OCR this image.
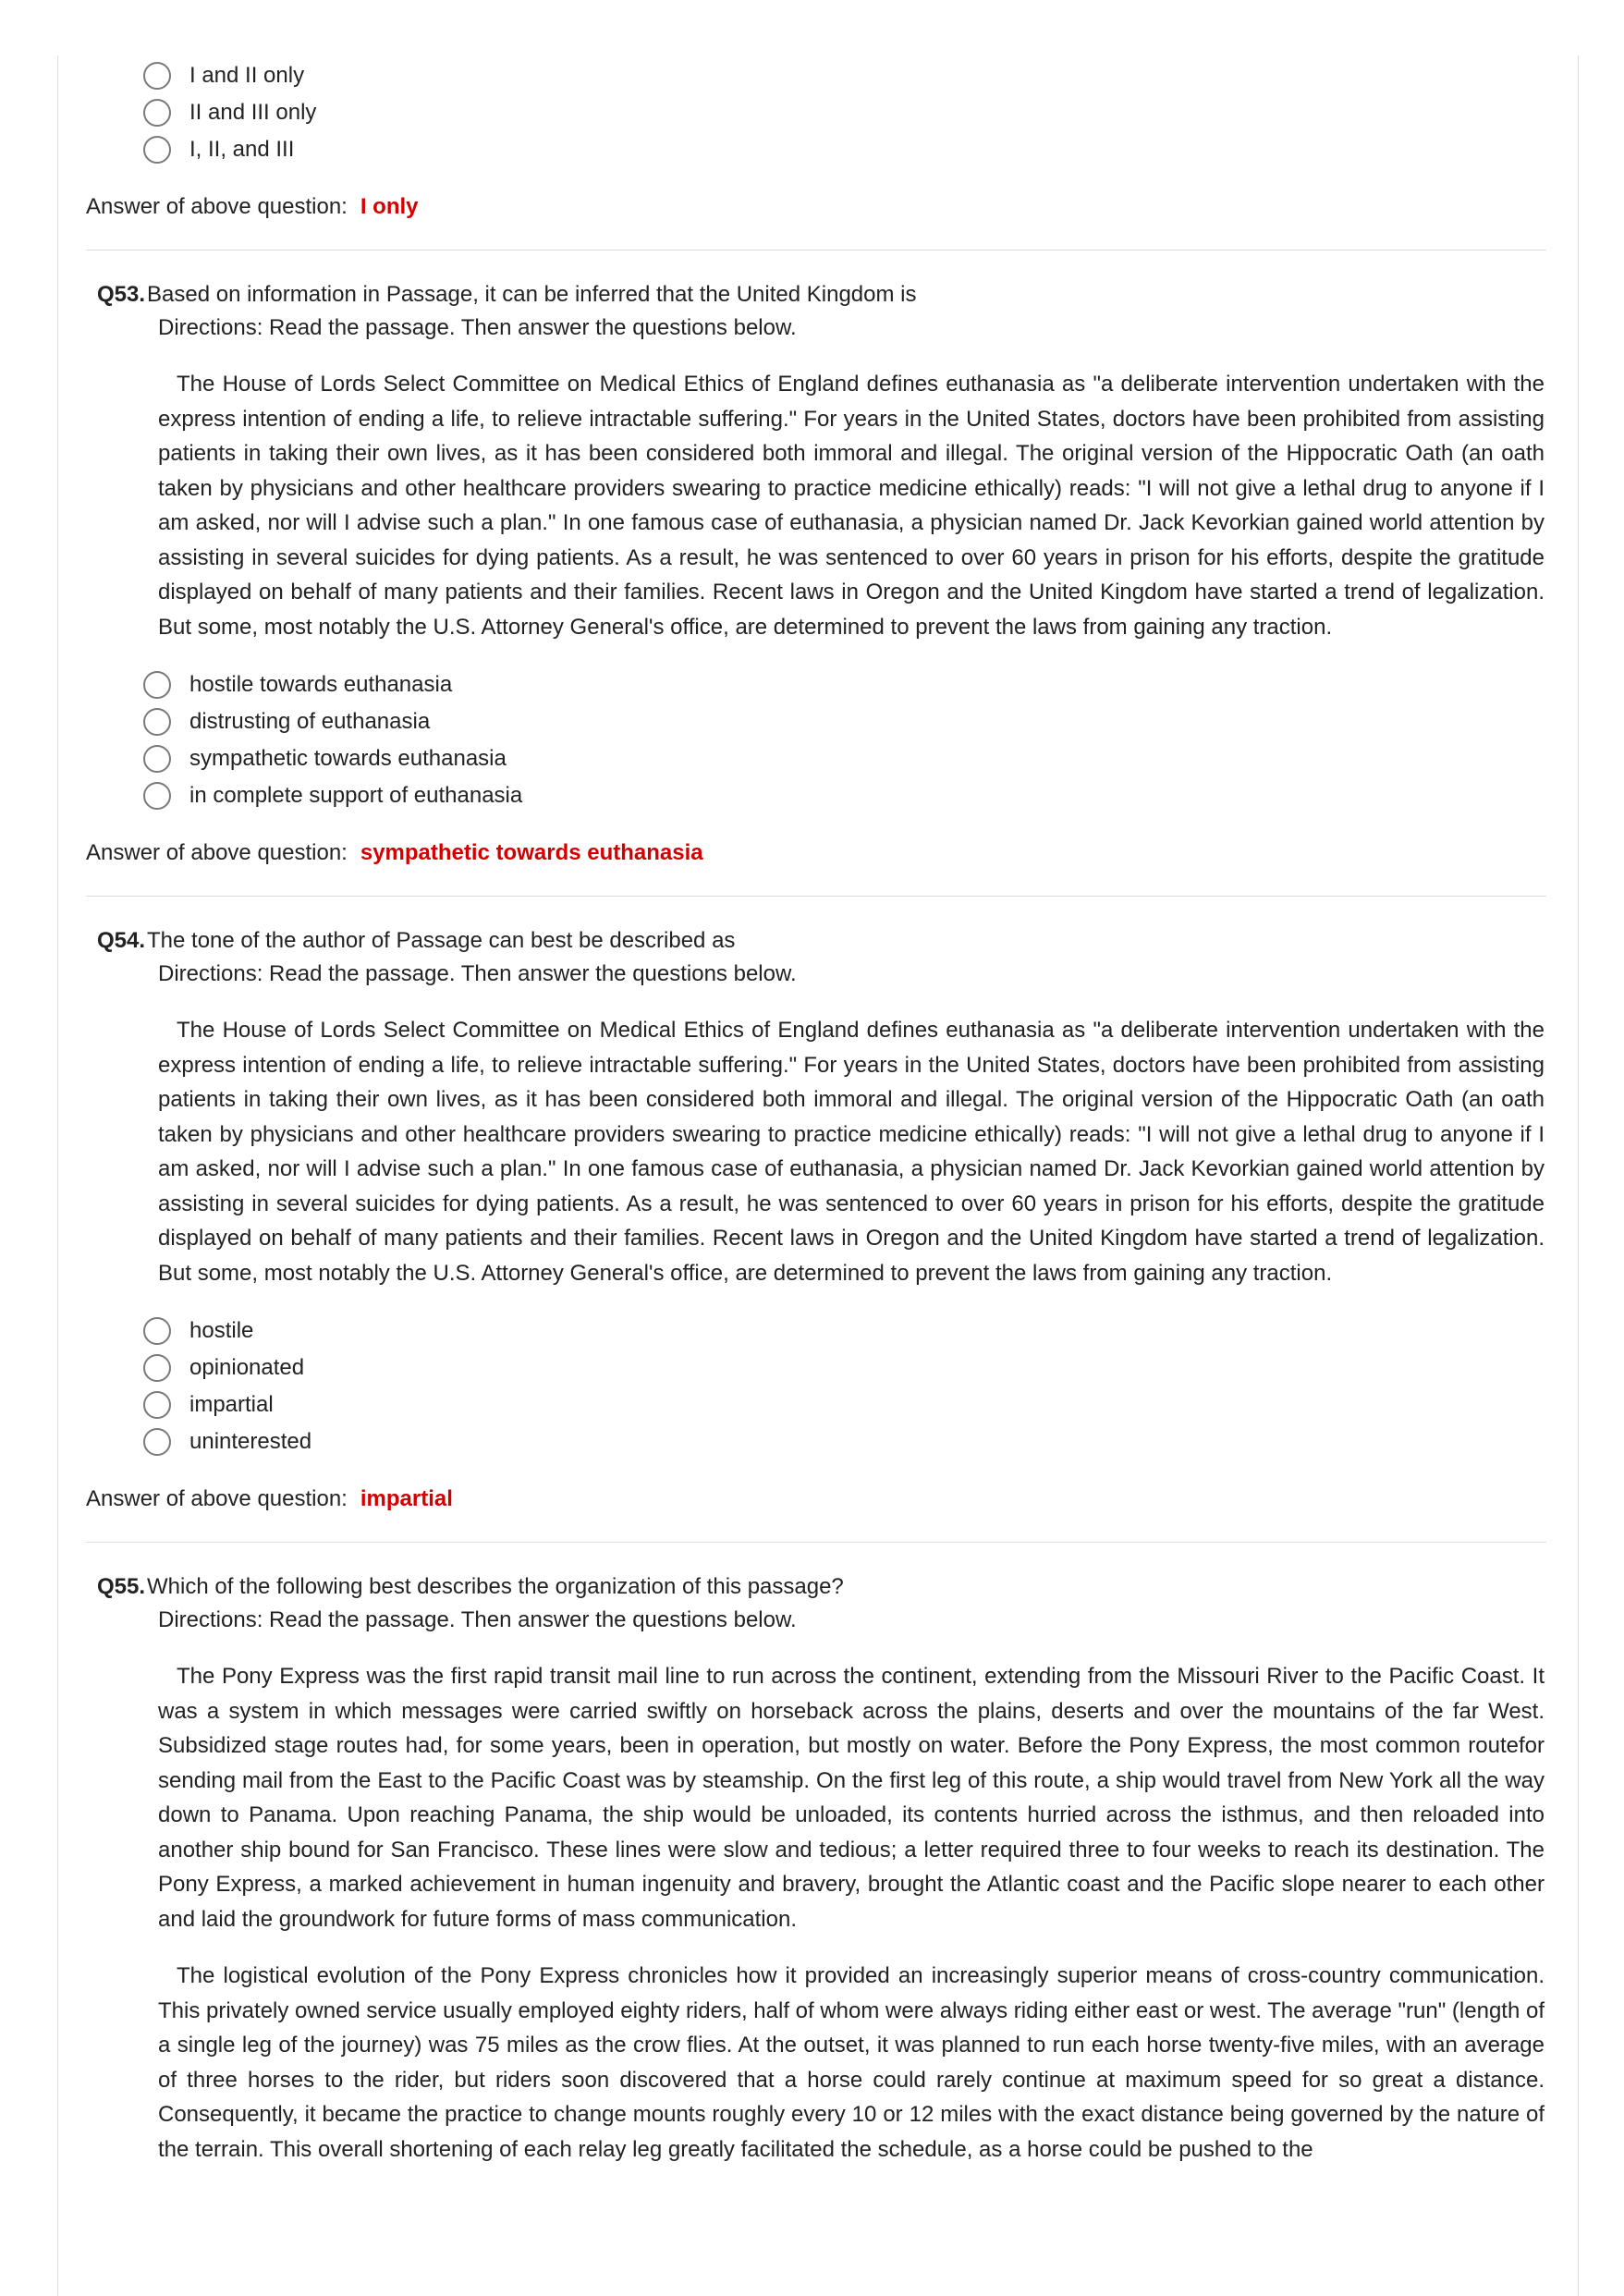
I and II only
II and III only
I, II, and III
Answer of above question: I only
Q53. Based on information in Passage, it can be inferred that the United Kingdom is
Directions: Read the passage. Then answer the questions below.

The House of Lords Select Committee on Medical Ethics of England defines euthanasia as "a deliberate intervention undertaken with the express intention of ending a life, to relieve intractable suffering." For years in the United States, doctors have been prohibited from assisting patients in taking their own lives, as it has been considered both immoral and illegal. The original version of the Hippocratic Oath (an oath taken by physicians and other healthcare providers swearing to practice medicine ethically) reads: "I will not give a lethal drug to anyone if I am asked, nor will I advise such a plan." In one famous case of euthanasia, a physician named Dr. Jack Kevorkian gained world attention by assisting in several suicides for dying patients. As a result, he was sentenced to over 60 years in prison for his efforts, despite the gratitude displayed on behalf of many patients and their families. Recent laws in Oregon and the United Kingdom have started a trend of legalization. But some, most notably the U.S. Attorney General's office, are determined to prevent the laws from gaining any traction.

hostile towards euthanasia
distrusting of euthanasia
sympathetic towards euthanasia
in complete support of euthanasia
Answer of above question: sympathetic towards euthanasia
Q54. The tone of the author of Passage can best be described as
Directions: Read the passage. Then answer the questions below.

The House of Lords Select Committee on Medical Ethics of England defines euthanasia as "a deliberate intervention undertaken with the express intention of ending a life, to relieve intractable suffering." For years in the United States, doctors have been prohibited from assisting patients in taking their own lives, as it has been considered both immoral and illegal. The original version of the Hippocratic Oath (an oath taken by physicians and other healthcare providers swearing to practice medicine ethically) reads: "I will not give a lethal drug to anyone if I am asked, nor will I advise such a plan." In one famous case of euthanasia, a physician named Dr. Jack Kevorkian gained world attention by assisting in several suicides for dying patients. As a result, he was sentenced to over 60 years in prison for his efforts, despite the gratitude displayed on behalf of many patients and their families. Recent laws in Oregon and the United Kingdom have started a trend of legalization. But some, most notably the U.S. Attorney General's office, are determined to prevent the laws from gaining any traction.

hostile
opinionated
impartial
uninterested
Answer of above question: impartial
Q55. Which of the following best describes the organization of this passage?
Directions: Read the passage. Then answer the questions below.

The Pony Express was the first rapid transit mail line to run across the continent, extending from the Missouri River to the Pacific Coast. It was a system in which messages were carried swiftly on horseback across the plains, deserts and over the mountains of the far West. Subsidized stage routes had, for some years, been in operation, but mostly on water. Before the Pony Express, the most common routefor sending mail from the East to the Pacific Coast was by steamship. On the first leg of this route, a ship would travel from New York all the way down to Panama. Upon reaching Panama, the ship would be unloaded, its contents hurried across the isthmus, and then reloaded into another ship bound for San Francisco. These lines were slow and tedious; a letter required three to four weeks to reach its destination. The Pony Express, a marked achievement in human ingenuity and bravery, brought the Atlantic coast and the Pacific slope nearer to each other and laid the groundwork for future forms of mass communication.

The logistical evolution of the Pony Express chronicles how it provided an increasingly superior means of cross-country communication. This privately owned service usually employed eighty riders, half of whom were always riding either east or west. The average "run" (length of a single leg of the journey) was 75 miles as the crow flies. At the outset, it was planned to run each horse twenty-five miles, with an average of three horses to the rider, but riders soon discovered that a horse could rarely continue at maximum speed for so great a distance. Consequently, it became the practice to change mounts roughly every 10 or 12 miles with the exact distance being governed by the nature of the terrain. This overall shortening of each relay leg greatly facilitated the schedule, as a horse could be pushed to the
